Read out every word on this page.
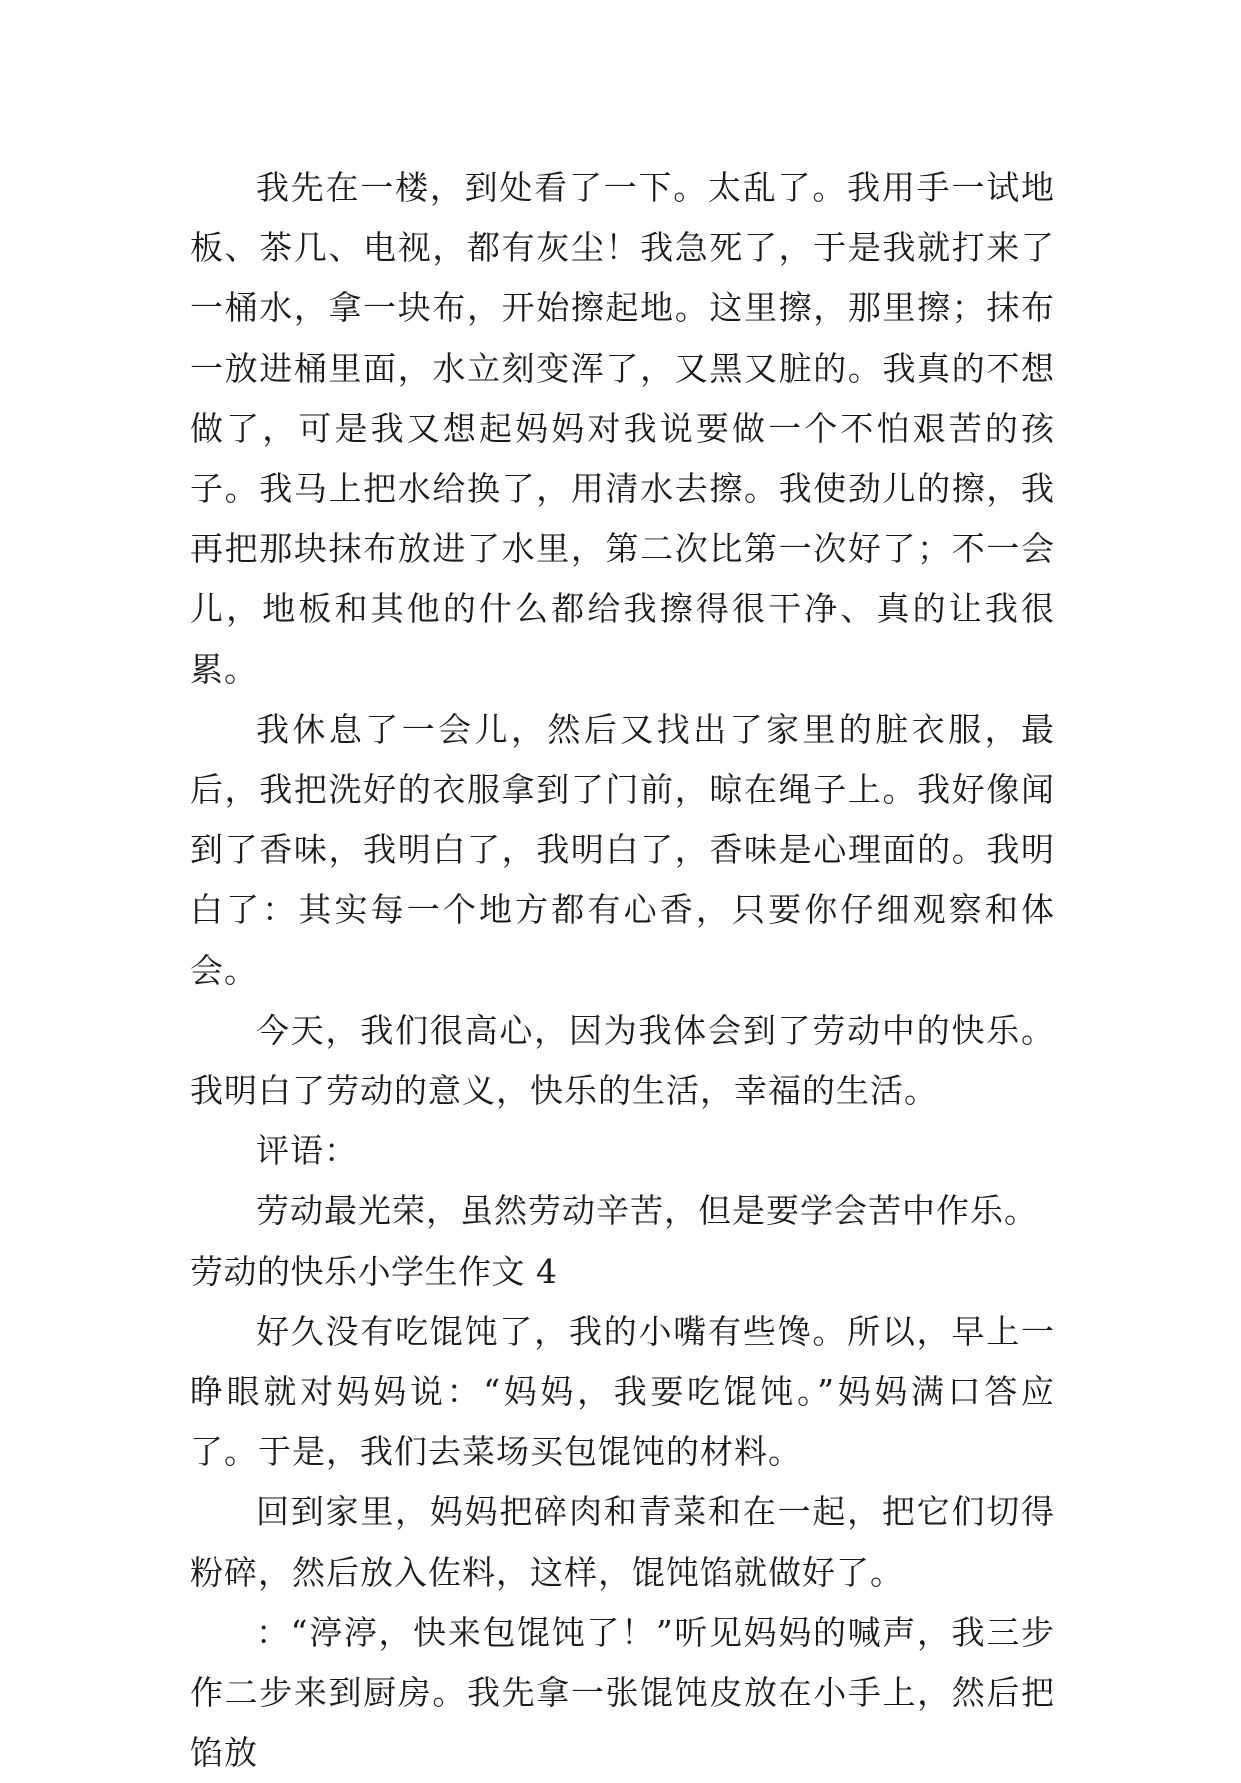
我先在一楼，到处看了一下。太乱了。我用手一试地板、茶几、电视，都有灰尘！我急死了，于是我就打来了一桶水，拿一块布，开始擦起地。这里擦，那里擦；抹布一放进桶里面，水立刻变浑了，又黑又脏的。我真的不想做了，可是我又想起妈妈对我说要做一个不怕艰苦的孩子。我马上把水给换了，用清水去擦。我使劲儿的擦，我再把那块抹布放进了水里，第二次比第一次好了；不一会儿，地板和其他的什么都给我擦得很干净、真的让我很累。

我休息了一会儿，然后又找出了家里的脏衣服，最后，我把洗好的衣服拿到了门前，晾在绳子上。我好像闻到了香味，我明白了，我明白了，香味是心理面的。我明白了：其实每一个地方都有心香，只要你仔细观察和体会。

今天，我们很高心，因为我体会到了劳动中的快乐。我明白了劳动的意义，快乐的生活，幸福的生活。

评语：

劳动最光荣，虽然劳动辛苦，但是要学会苦中作乐。

劳动的快乐小学生作文 4

好久没有吃馄饨了，我的小嘴有些馋。所以，早上一睁眼就对妈妈说：“妈妈，我要吃馄饨。”妈妈满口答应了。于是，我们去菜场买包馄饨的材料。

回到家里，妈妈把碎肉和青菜和在一起，把它们切得粉碎，然后放入佐料，这样，馄饨馅就做好了。

：“渟渟，快来包馄饨了！”听见妈妈的喊声，我三步作二步来到厨房。我先拿一张馄饨皮放在小手上，然后把馅放
